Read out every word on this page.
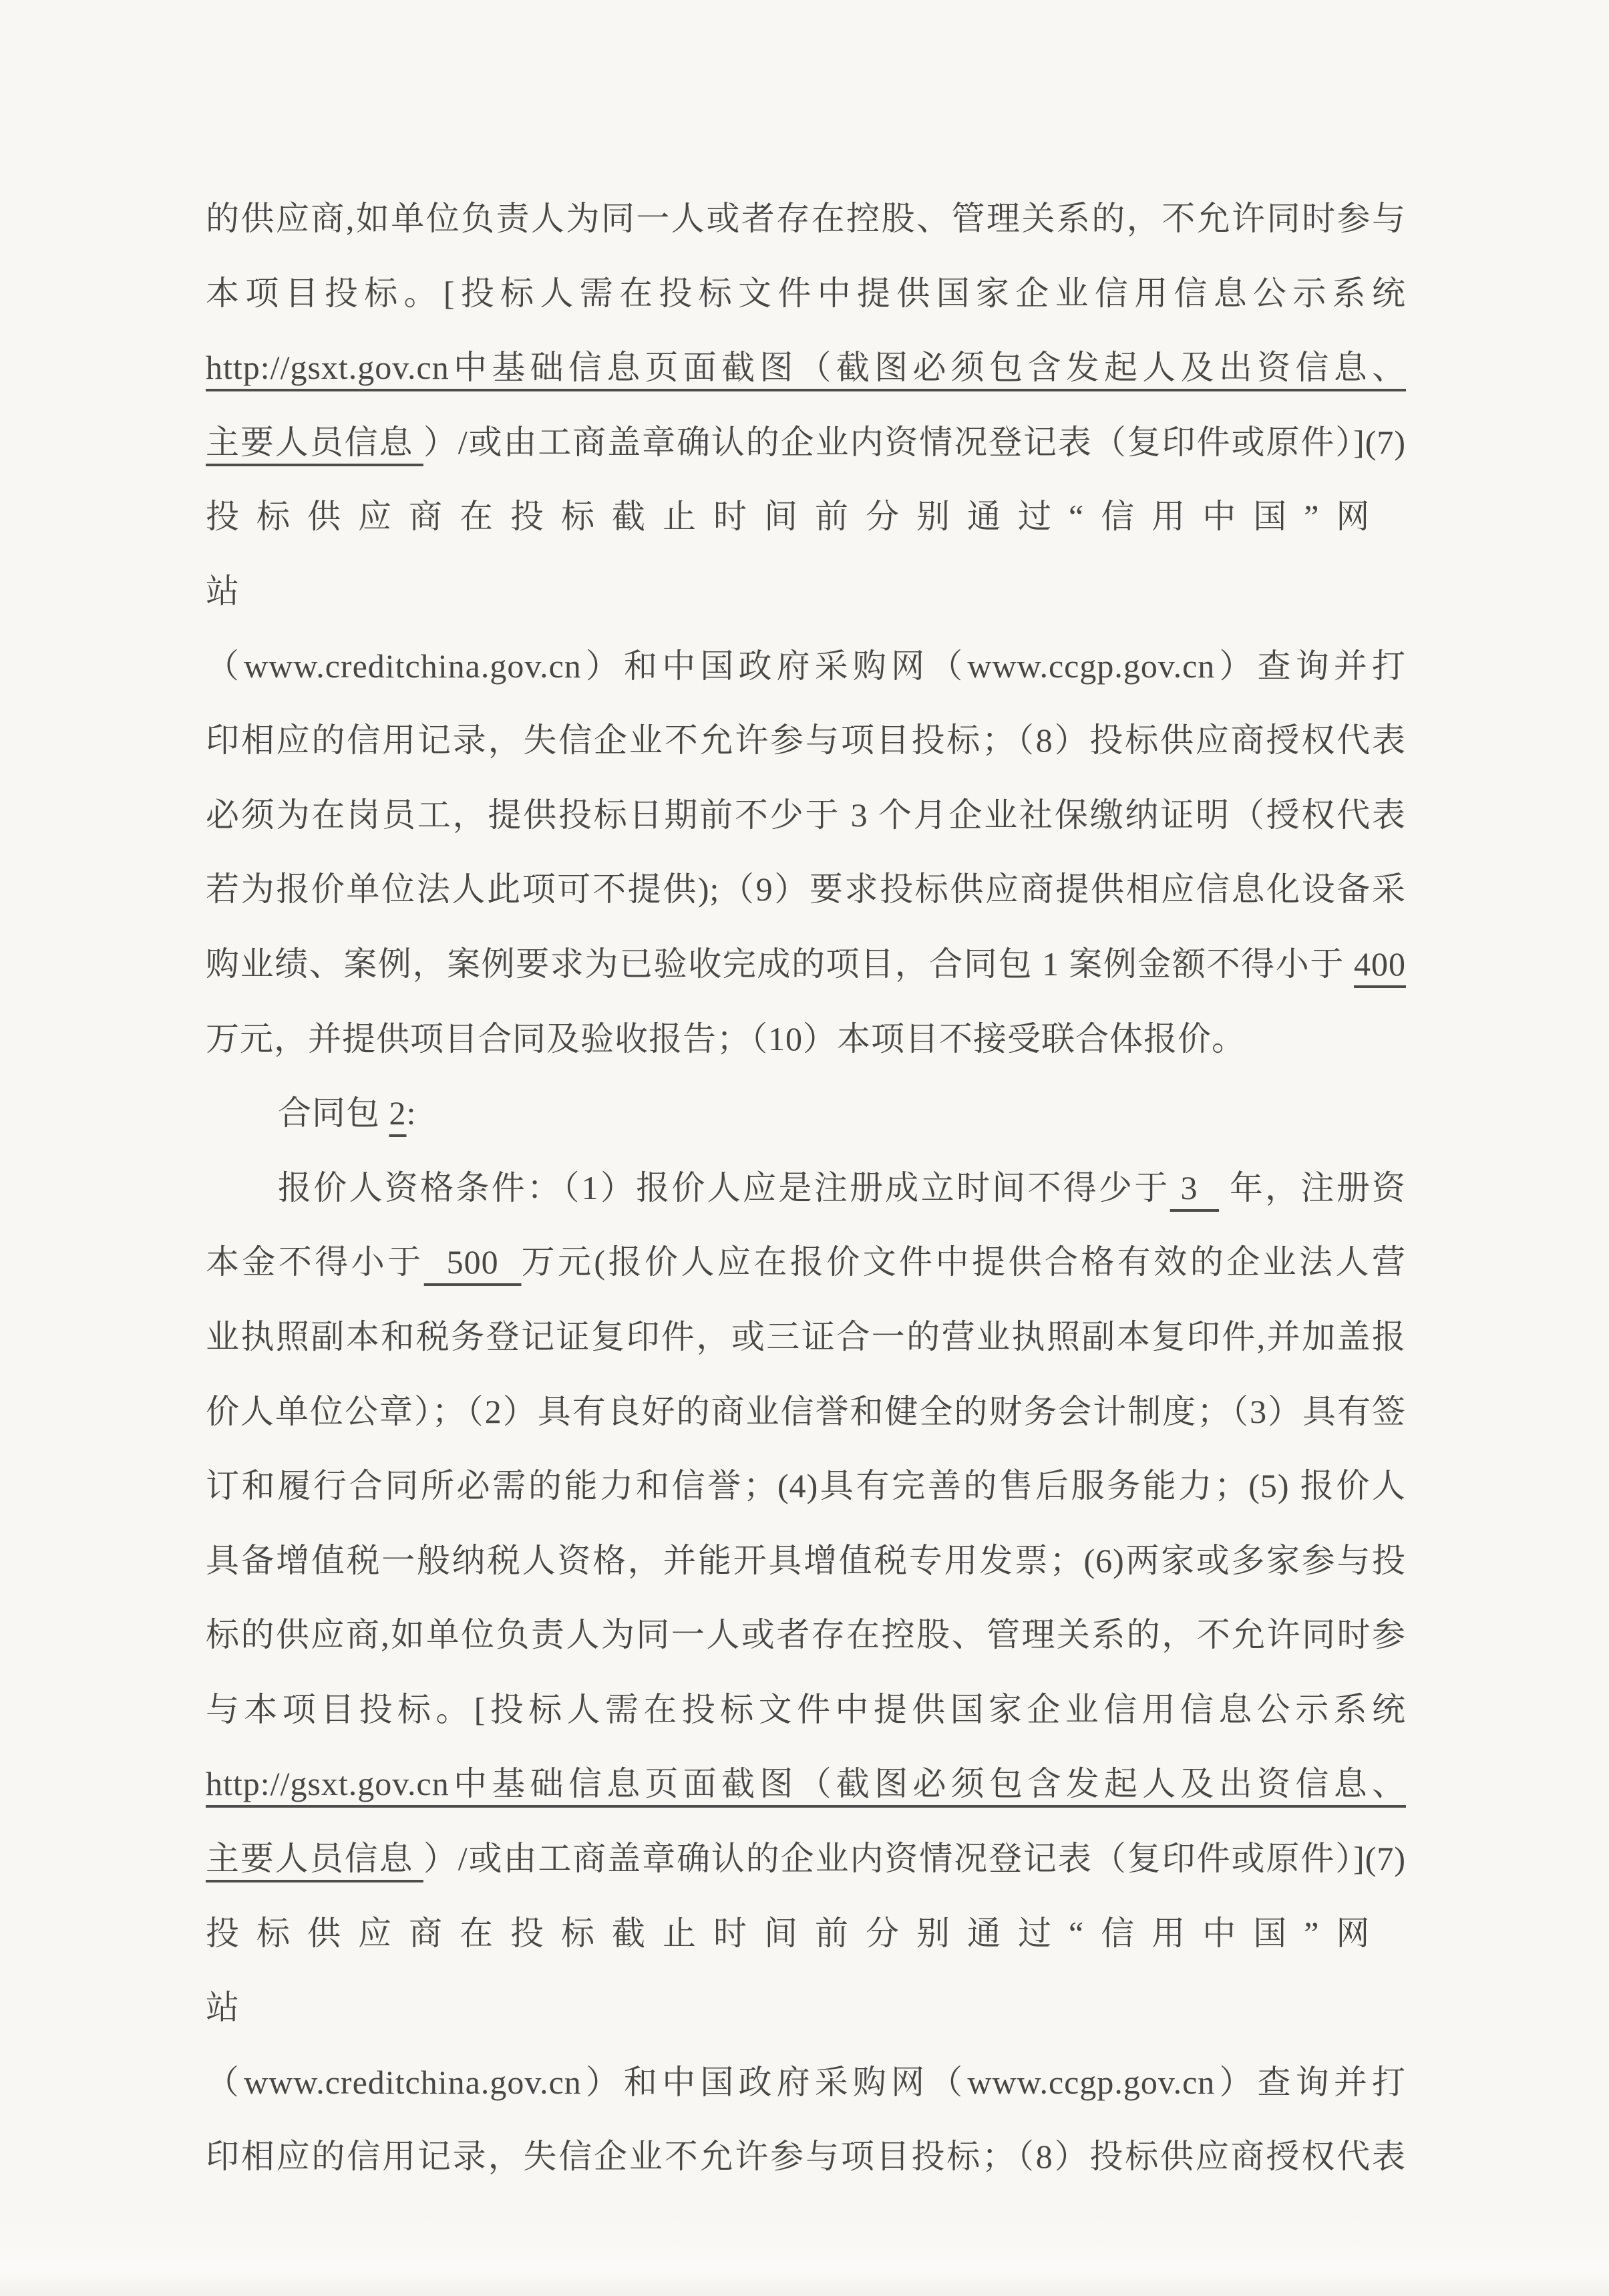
的供应商,如单位负责人为同一人或者存在控股、管理关系的，不允许同时参与

本项目投标。[投标人需在投标文件中提供国家企业信用信息公示系统

http://gsxt.gov.cn中基础信息页面截图（截图必须包含发起人及出资信息、

主要人员信息 ）/或由工商盖章确认的企业内资情况登记表（复印件或原件）](7)

投标供应商在投标截止时间前分别通过“信用中国”网站

（www.creditchina.gov.cn）和中国政府采购网（www.ccgp.gov.cn）查询并打

印相应的信用记录，失信企业不允许参与项目投标；（8）投标供应商授权代表

必须为在岗员工，提供投标日期前不少于 3 个月企业社保缴纳证明（授权代表

若为报价单位法人此项可不提供);（9）要求投标供应商提供相应信息化设备采

购业绩、案例，案例要求为已验收完成的项目，合同包 1 案例金额不得小于 400

万元，并提供项目合同及验收报告；（10）本项目不接受联合体报价。

合同包 2:

报价人资格条件：（1）报价人应是注册成立时间不得少于 3   年，注册资

本金不得小于  500  万元(报价人应在报价文件中提供合格有效的企业法人营

业执照副本和税务登记证复印件，或三证合一的营业执照副本复印件,并加盖报

价人单位公章）；（2）具有良好的商业信誉和健全的财务会计制度；（3）具有签

订和履行合同所必需的能力和信誉；(4)具有完善的售后服务能力；(5) 报价人

具备增值税一般纳税人资格，并能开具增值税专用发票；(6)两家或多家参与投

标的供应商,如单位负责人为同一人或者存在控股、管理关系的，不允许同时参

与本项目投标。[投标人需在投标文件中提供国家企业信用信息公示系统

http://gsxt.gov.cn中基础信息页面截图（截图必须包含发起人及出资信息、

主要人员信息 ）/或由工商盖章确认的企业内资情况登记表（复印件或原件）](7)

投标供应商在投标截止时间前分别通过“信用中国”网站

（www.creditchina.gov.cn）和中国政府采购网（www.ccgp.gov.cn）查询并打

印相应的信用记录，失信企业不允许参与项目投标；（8）投标供应商授权代表
